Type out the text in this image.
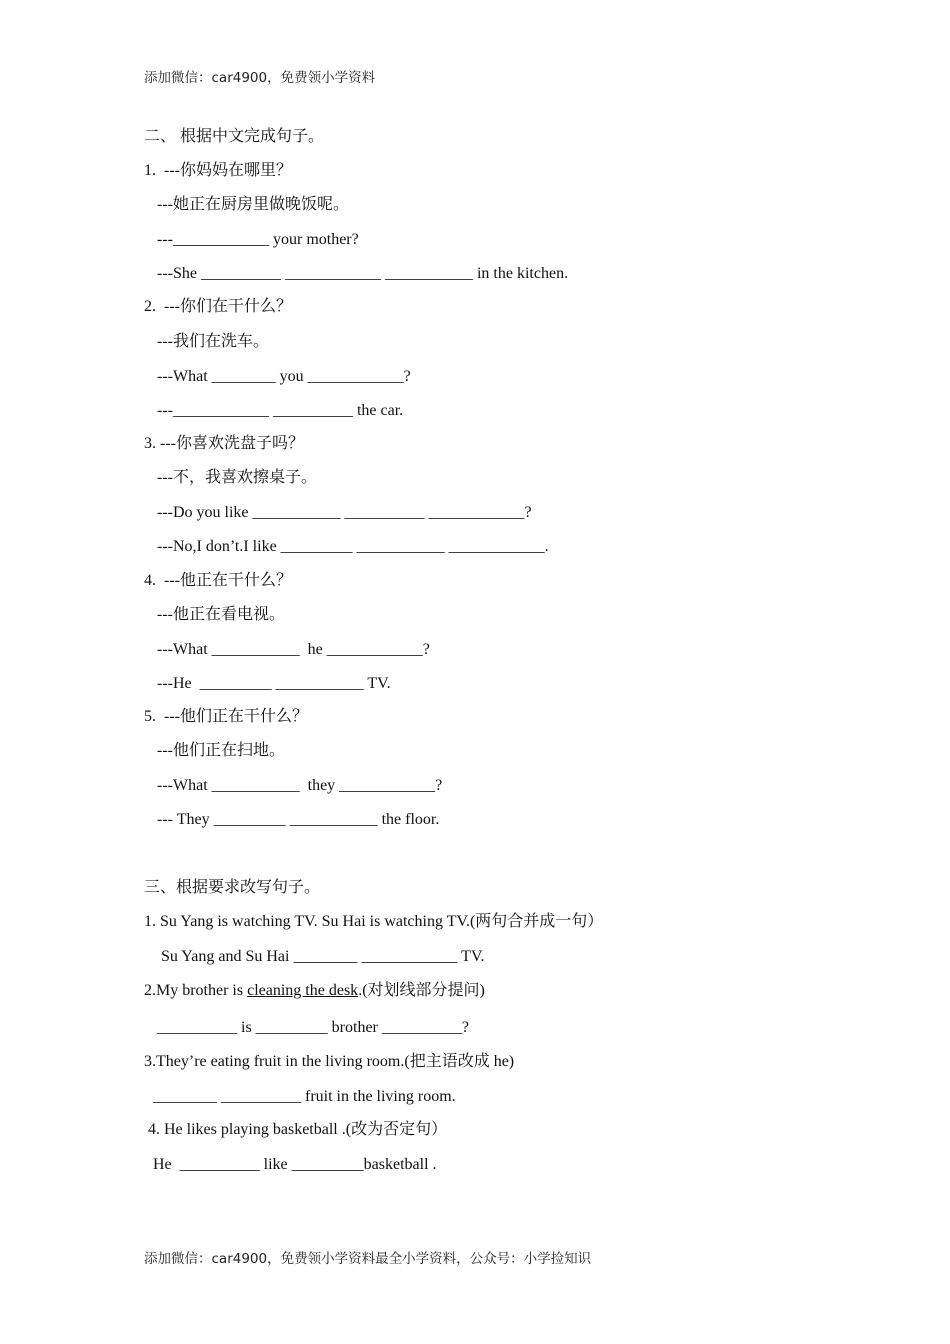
添加微信：car4900，免费领小学资料
二、 根据中文完成句子。
1.  ---你妈妈在哪里？
---她正在厨房里做晚饭呢。
---____________ your mother?
---She __________ ____________ ___________ in the kitchen.
2.  ---你们在干什么？
---我们在洗车。
---What ________ you ____________?
---____________ __________ the car.
3. ---你喜欢洗盘子吗？
---不，我喜欢擦桌子。
---Do you like ___________ __________ ____________?
---No,I don’t.I like _________ ___________ ____________.
4.  ---他正在干什么？
---他正在看电视。
---What ___________  he ____________?
---He  _________ ___________ TV.
5.  ---他们正在干什么？
---他们正在扫地。
---What ___________  they ____________?
--- They _________ ___________ the floor.
三、根据要求改写句子。
1. Su Yang is watching TV. Su Hai is watching TV.(两句合并成一句）
Su Yang and Su Hai ________ ____________ TV.
2.My brother is cleaning the desk.(对划线部分提问)
__________ is _________ brother __________?
3.They’re eating fruit in the living room.(把主语改成 he)
________ __________ fruit in the living room.
4. He likes playing basketball .(改为否定句）
He  __________ like _________basketball .
添加微信：car4900，免费领小学资料最全小学资料，公众号：小学捡知识
